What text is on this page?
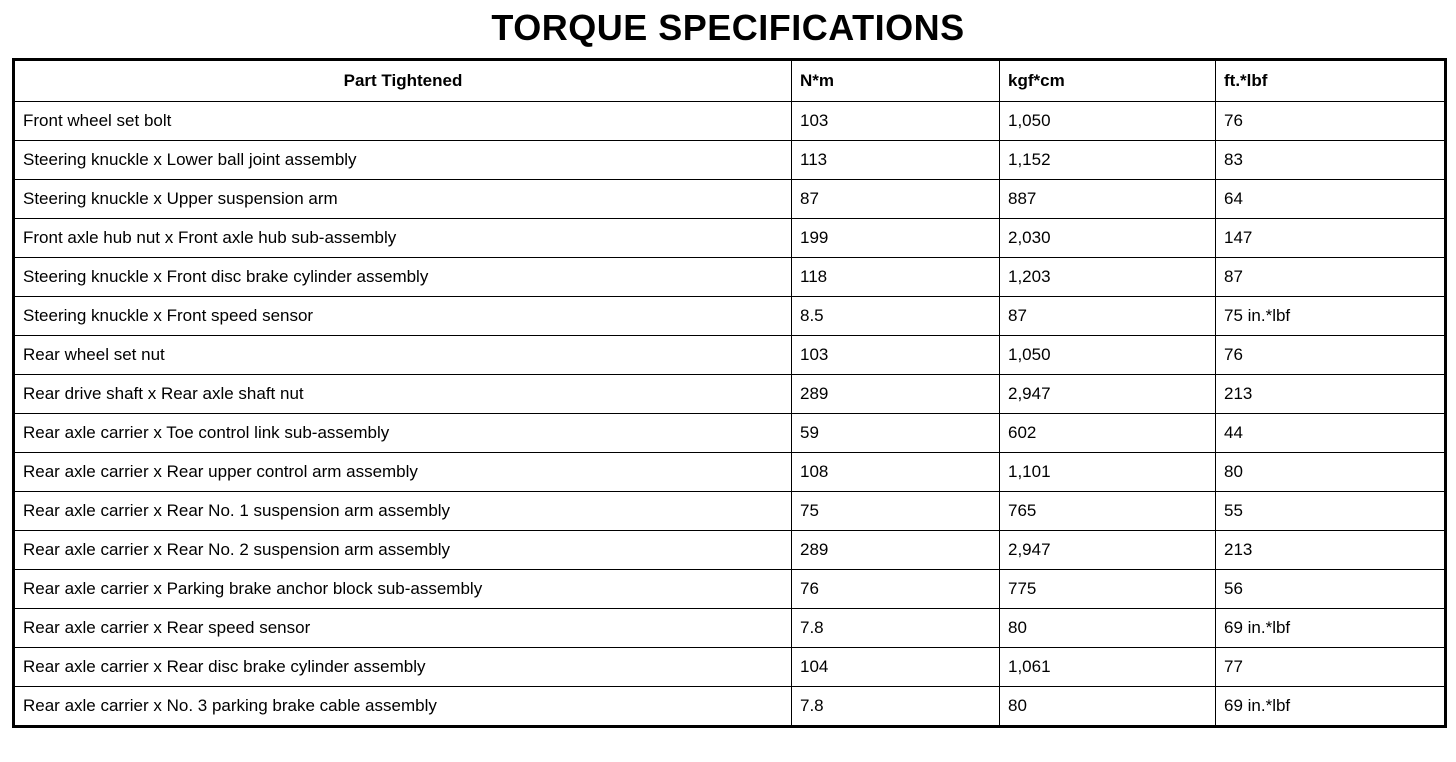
TORQUE SPECIFICATIONS
Part Tightened	N*m	kgf*cm	ft.*lbf
Front wheel set bolt	103	1,050	76
Steering knuckle x Lower ball joint assembly	113	1,152	83
Steering knuckle x Upper suspension arm	87	887	64
Front axle hub nut x Front axle hub sub-assembly	199	2,030	147
Steering knuckle x Front disc brake cylinder assembly	118	1,203	87
Steering knuckle x Front speed sensor	8.5	87	75 in.*lbf
Rear wheel set nut	103	1,050	76
Rear drive shaft x Rear axle shaft nut	289	2,947	213
Rear axle carrier x Toe control link sub-assembly	59	602	44
Rear axle carrier x Rear upper control arm assembly	108	1,101	80
Rear axle carrier x Rear No. 1 suspension arm assembly	75	765	55
Rear axle carrier x Rear No. 2 suspension arm assembly	289	2,947	213
Rear axle carrier x Parking brake anchor block sub-assembly	76	775	56
Rear axle carrier x Rear speed sensor	7.8	80	69 in.*lbf
Rear axle carrier x Rear disc brake cylinder assembly	104	1,061	77
Rear axle carrier x No. 3 parking brake cable assembly	7.8	80	69 in.*lbf
